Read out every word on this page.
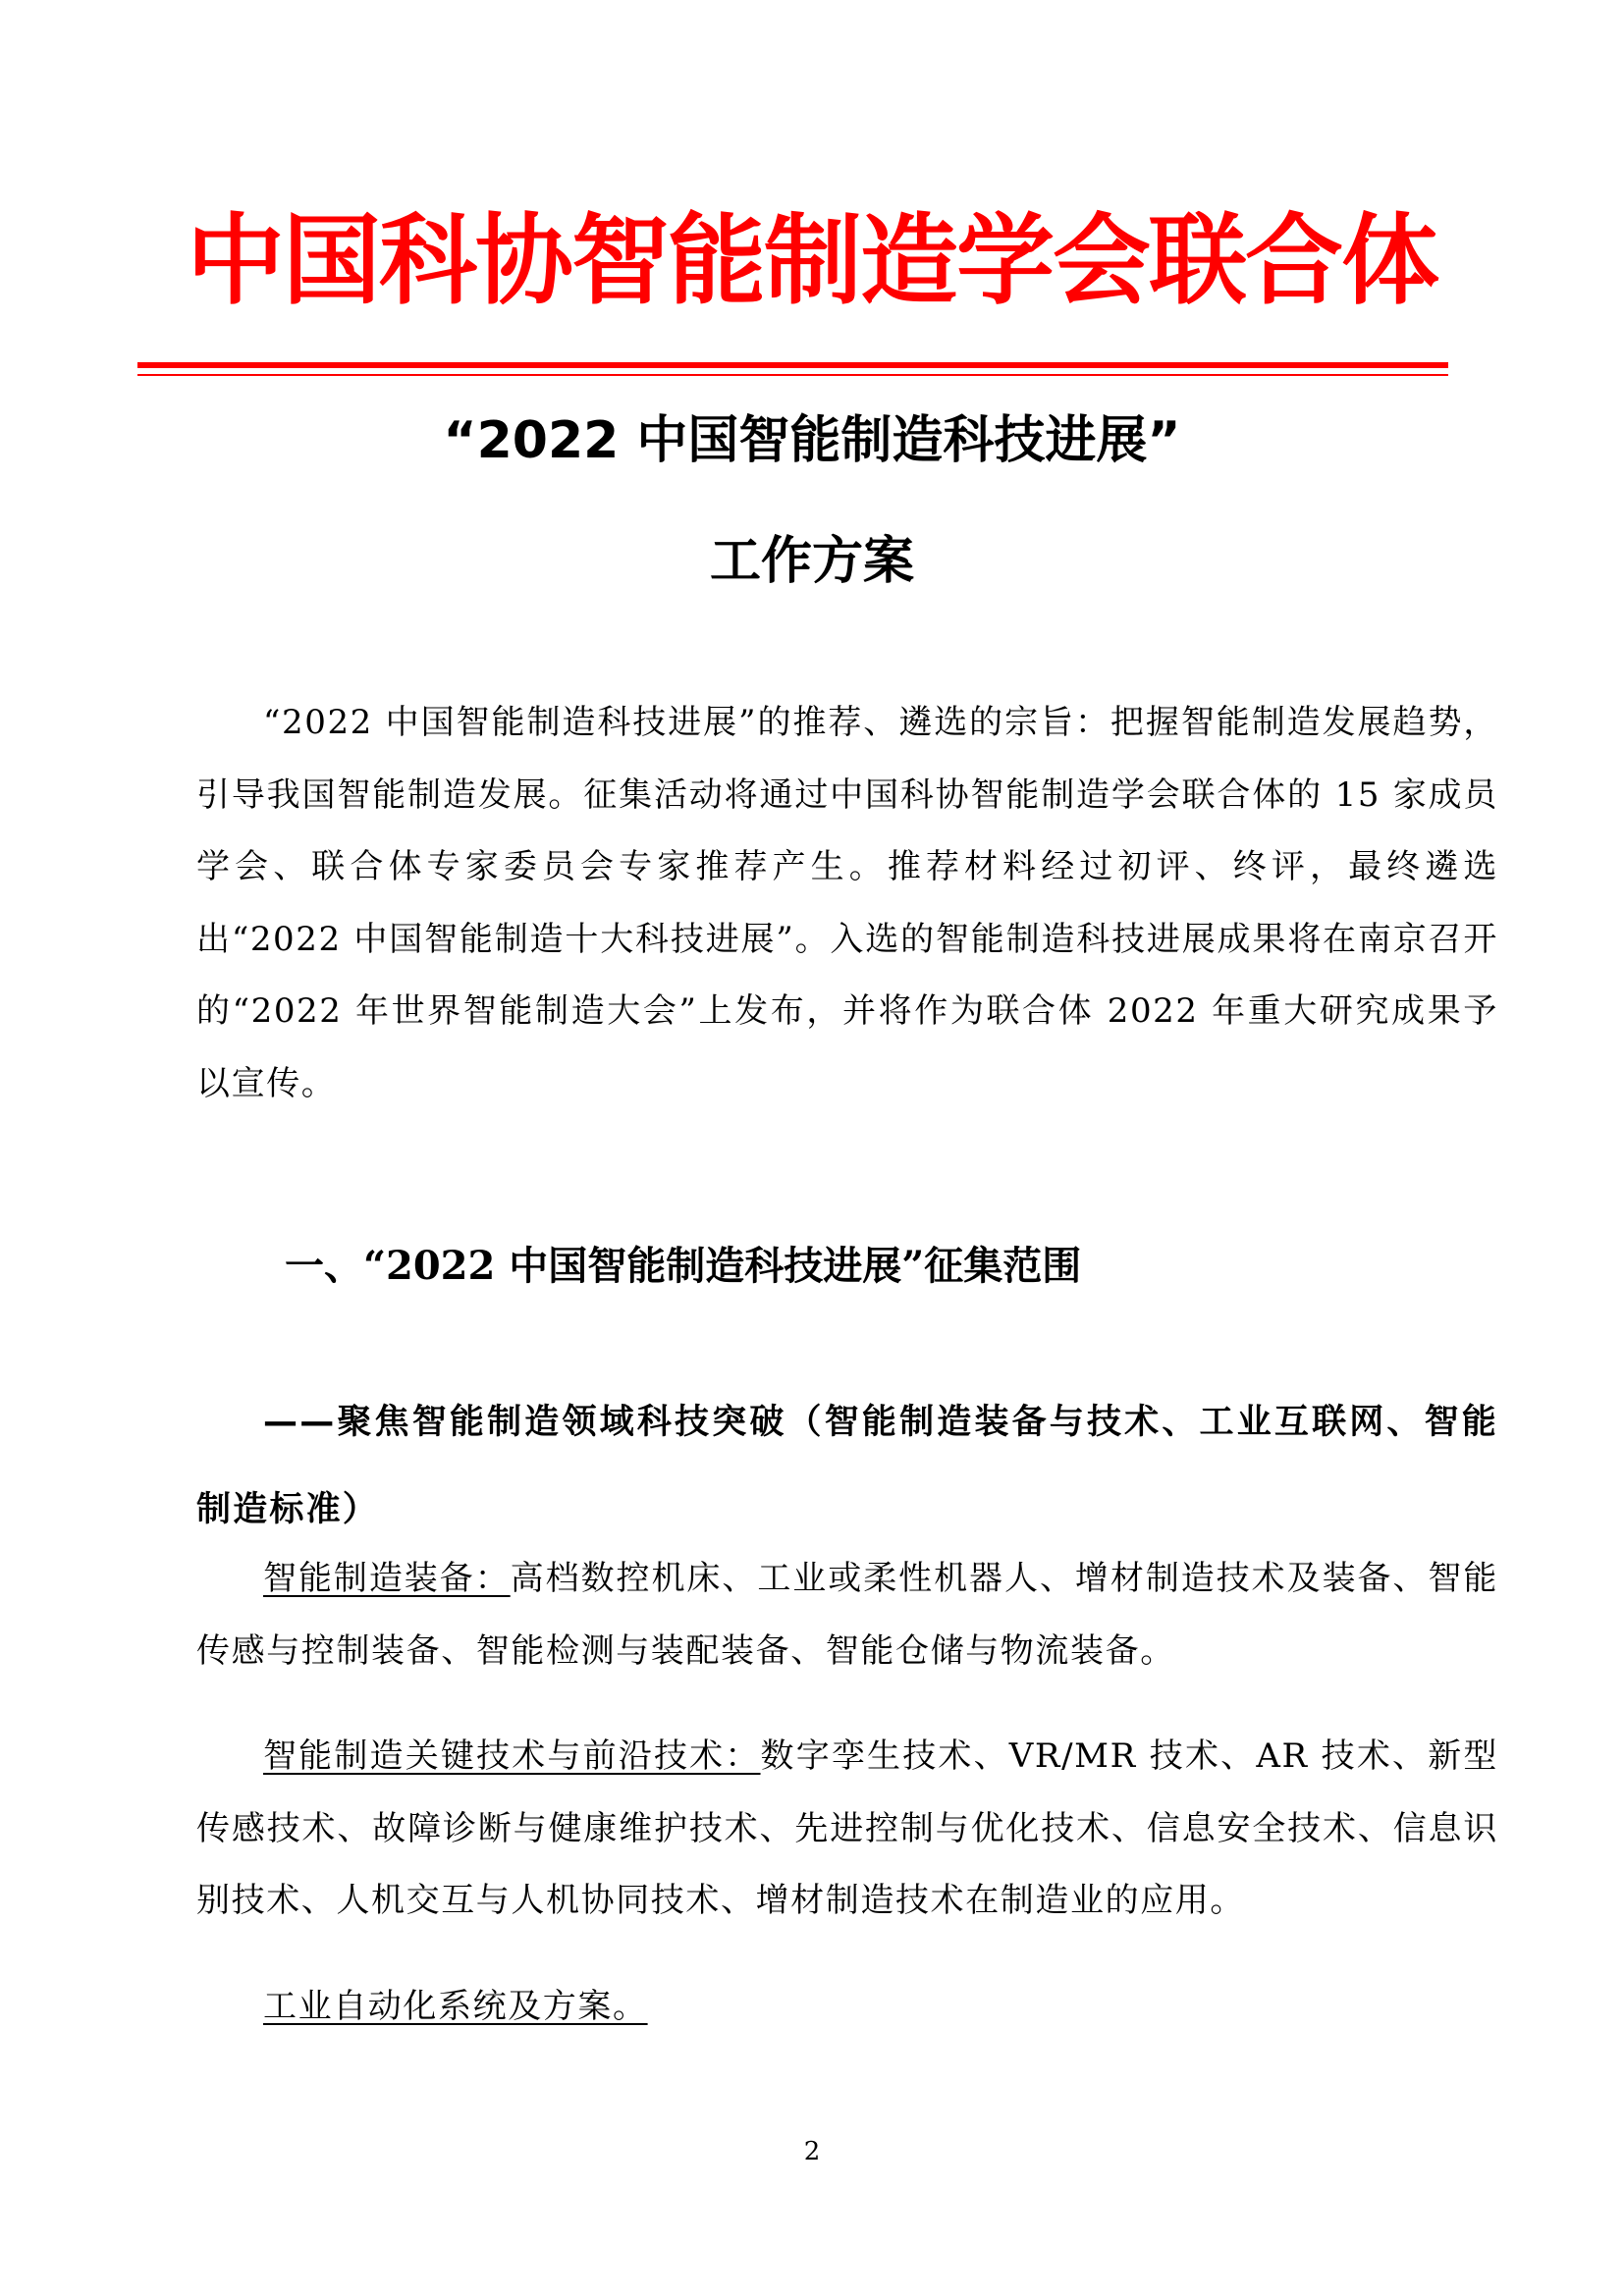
中国科协智能制造学会联合体
“2022 中国智能制造科技进展”
工作方案

“2022 中国智能制造科技进展”的推荐、遴选的宗旨：把握智能制造发展趋势，引导我国智能制造发展。征集活动将通过中国科协智能制造学会联合体的 15 家成员学会、联合体专家委员会专家推荐产生。推荐材料经过初评、终评，最终遴选出“2022 中国智能制造十大科技进展”。入选的智能制造科技进展成果将在南京召开的“2022 年世界智能制造大会”上发布，并将作为联合体 2022 年重大研究成果予以宣传。

一、“2022 中国智能制造科技进展”征集范围

——聚焦智能制造领域科技突破（智能制造装备与技术、工业互联网、智能制造标准）

智能制造装备：高档数控机床、工业或柔性机器人、增材制造技术及装备、智能传感与控制装备、智能检测与装配装备、智能仓储与物流装备。

智能制造关键技术与前沿技术：数字孪生技术、VR/MR 技术、AR 技术、新型传感技术、故障诊断与健康维护技术、先进控制与优化技术、信息安全技术、信息识别技术、人机交互与人机协同技术、增材制造技术在制造业的应用。

工业自动化系统及方案。

2
